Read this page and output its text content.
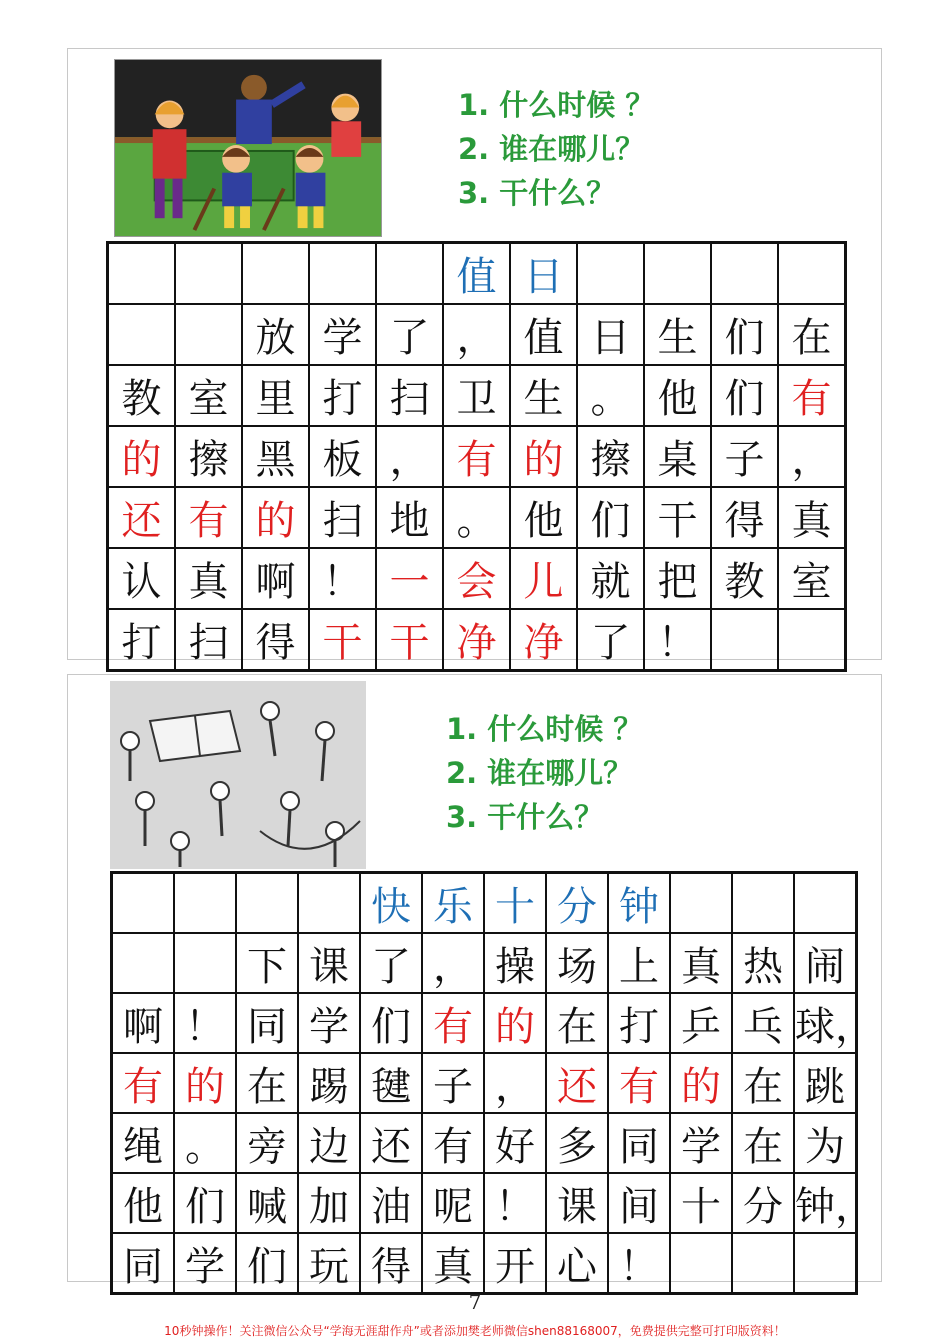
1. 什么时候 ？
2. 谁在哪儿？
3. 干什么？
					值	日				
		放	学	了	，	值	日	生	们	在
教	室	里	打	扫	卫	生	。	他	们	有
的	擦	黑	板	，	有	的	擦	桌	子	，
还	有	的	扫	地	。	他	们	干	得	真
认	真	啊	！	一	会	儿	就	把	教	室
打	扫	得	干	干	净	净	了	！		
1. 什么时候 ？
2. 谁在哪儿？
3. 干什么？
				快	乐	十	分	钟			
		下	课	了	，	操	场	上	真	热	闹
啊	！	同	学	们	有	的	在	打	乒	乓	球，
有	的	在	踢	毽	子	，	还	有	的	在	跳
绳	。	旁	边	还	有	好	多	同	学	在	为
他	们	喊	加	油	呢	！	课	间	十	分	钟，
同	学	们	玩	得	真	开	心	！			
7
10秒钟操作！关注微信公众号“学海无涯甜作舟”或者添加樊老师微信shen88168007，免费提供完整可打印版资料！
